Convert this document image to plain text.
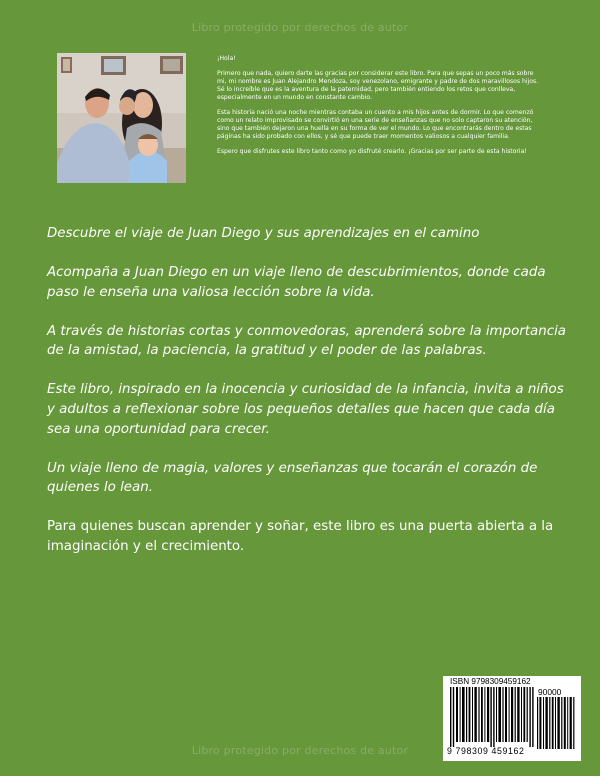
Libro protegido por derechos de autor

¡Hola!

Primero que nada, quiero darte las gracias por considerar este libro. Para que sepas un poco más sobre mi, mi nombre es Juan Alejandro Mendoza, soy venezolano, emigrante y padre de dos maravillosos hijos. Sé lo increíble que es la aventura de la paternidad, pero también entiendo los retos que conlleva, especialmente en un mundo en constante cambio.

Esta historia nació una noche mientras contaba un cuento a mis hijos antes de dormir. Lo que comenzó como un relato improvisado se convirtió en una serie de enseñanzas que no solo captaron su atención, sino que también dejaron una huella en su forma de ver el mundo. Lo que encontrarás dentro de estas páginas ha sido probado con ellos, y sé que puede traer momentos valiosos a cualquier familia.

Espero que disfrutes este libro tanto como yo disfruté crearlo. ¡Gracias por ser parte de esta historia!

Descubre el viaje de Juan Diego y sus aprendizajes en el camino

Acompaña a Juan Diego en un viaje lleno de descubrimientos, donde cada paso le enseña una valiosa lección sobre la vida.

A través de historias cortas y conmovedoras, aprenderá sobre la importancia de la amistad, la paciencia, la gratitud y el poder de las palabras.

Este libro, inspirado en la inocencia y curiosidad de la infancia, invita a niños y adultos a reflexionar sobre los pequeños detalles que hacen que cada día sea una oportunidad para crecer.

Un viaje lleno de magia, valores y enseñanzas que tocarán el corazón de quienes lo lean.

Para quienes buscan aprender y soñar, este libro es una puerta abierta a la imaginación y el crecimiento.

ISBN 9798309459162
90000
9 798309 459162
Libro protegido por derechos de autor
